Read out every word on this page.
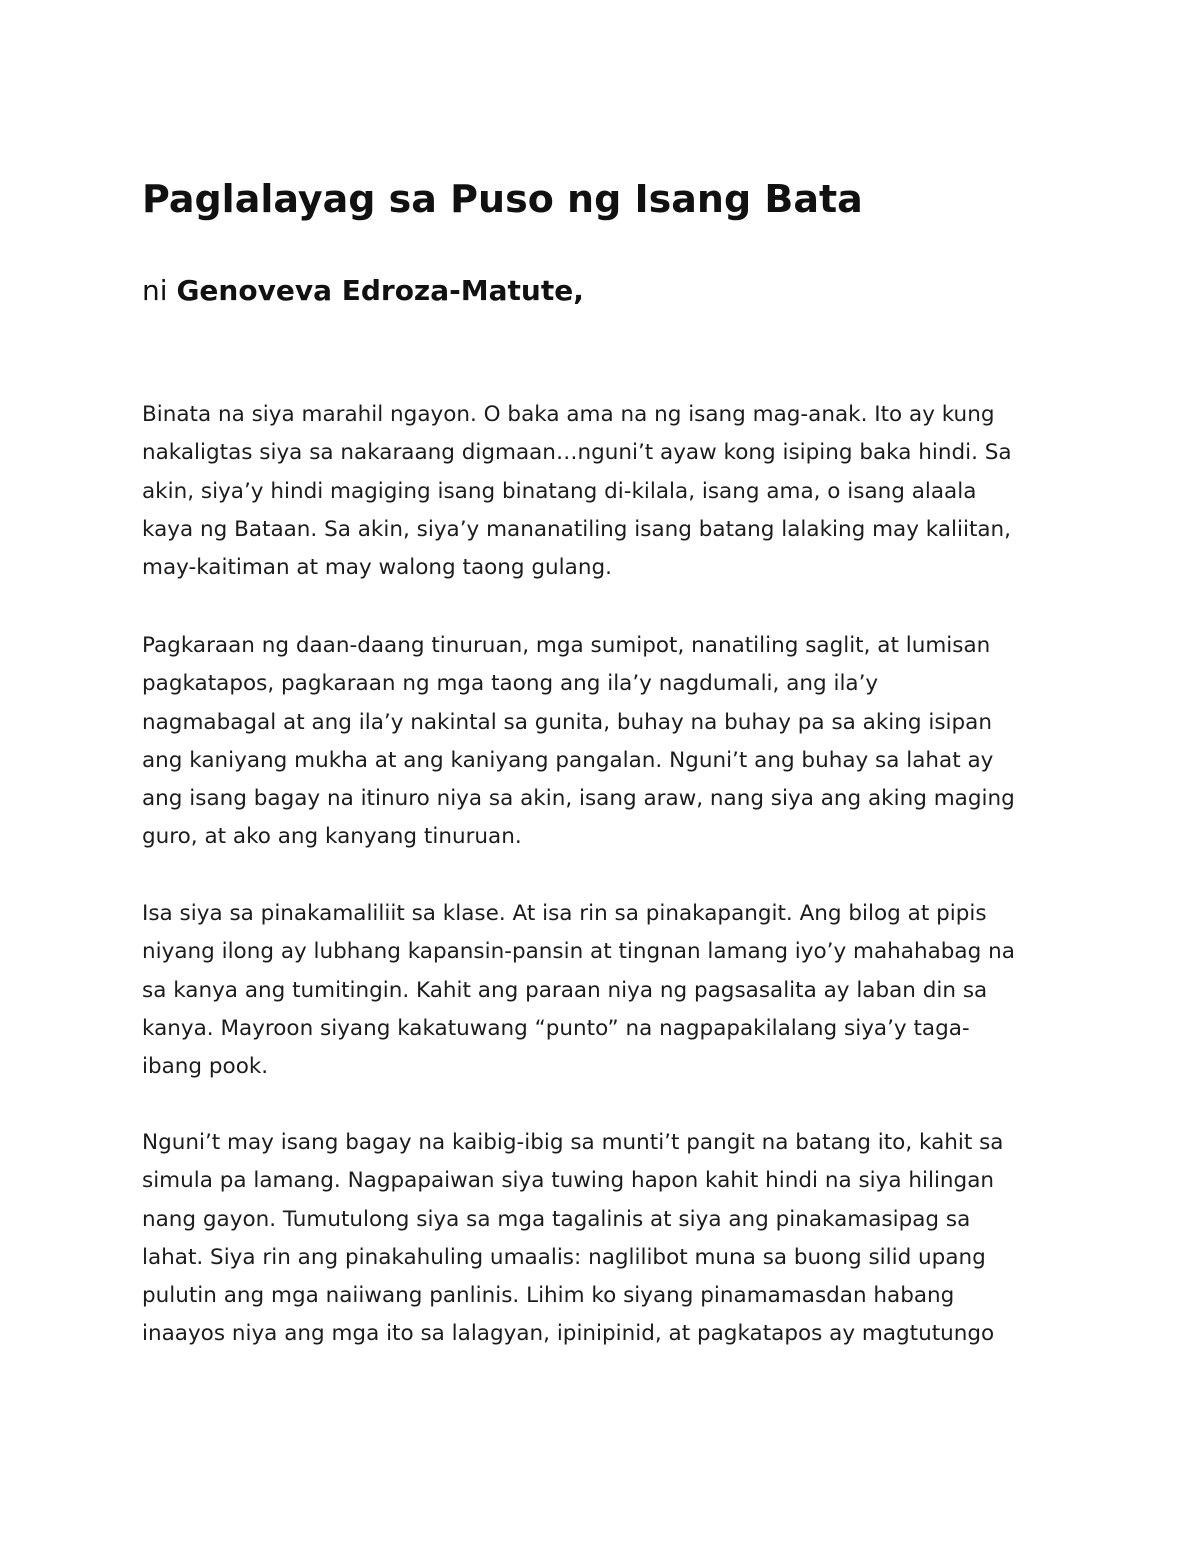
Paglalayag sa Puso ng Isang Bata

ni Genoveva Edroza-Matute,

Binata na siya marahil ngayon. O baka ama na ng isang mag-anak. Ito ay kung
nakaligtas siya sa nakaraang digmaan…nguni’t ayaw kong isiping baka hindi. Sa
akin, siya’y hindi magiging isang binatang di-kilala, isang ama, o isang alaala
kaya ng Bataan. Sa akin, siya’y mananatiling isang batang lalaking may kaliitan,
may-kaitiman at may walong taong gulang.
Pagkaraan ng daan-daang tinuruan, mga sumipot, nanatiling saglit, at lumisan
pagkatapos, pagkaraan ng mga taong ang ila’y nagdumali, ang ila’y
nagmabagal at ang ila’y nakintal sa gunita, buhay na buhay pa sa aking isipan
ang kaniyang mukha at ang kaniyang pangalan. Nguni’t ang buhay sa lahat ay
ang isang bagay na itinuro niya sa akin, isang araw, nang siya ang aking maging
guro, at ako ang kanyang tinuruan.
Isa siya sa pinakamaliliit sa klase. At isa rin sa pinakapangit. Ang bilog at pipis
niyang ilong ay lubhang kapansin-pansin at tingnan lamang iyo’y mahahabag na
sa kanya ang tumitingin. Kahit ang paraan niya ng pagsasalita ay laban din sa
kanya. Mayroon siyang kakatuwang “punto” na nagpapakilalang siya’y taga-
ibang pook.
Nguni’t may isang bagay na kaibig-ibig sa munti’t pangit na batang ito, kahit sa
simula pa lamang. Nagpapaiwan siya tuwing hapon kahit hindi na siya hilingan
nang gayon. Tumutulong siya sa mga tagalinis at siya ang pinakamasipag sa
lahat. Siya rin ang pinakahuling umaalis: naglilibot muna sa buong silid upang
pulutin ang mga naiiwang panlinis. Lihim ko siyang pinamamasdan habang
inaayos niya ang mga ito sa lalagyan, ipinipinid, at pagkatapos ay magtutungo
